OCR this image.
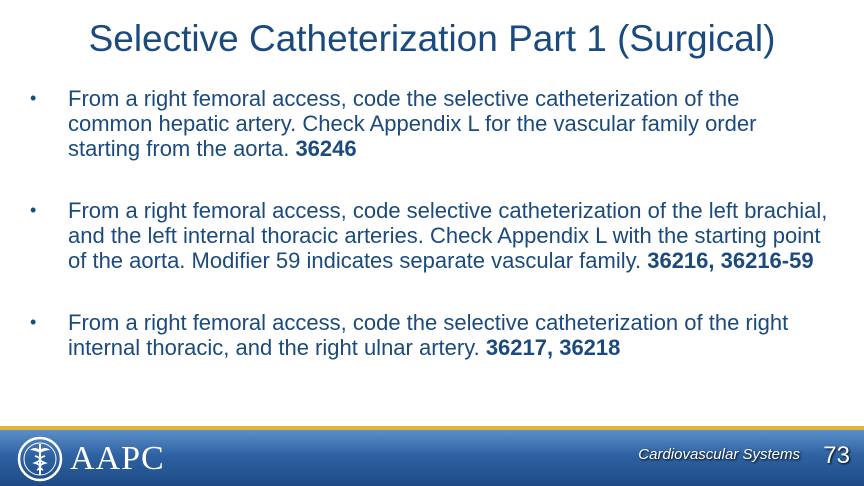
Selective Catheterization Part 1 (Surgical)
• From a right femoral access, code the selective catheterization of the common hepatic artery. Check Appendix L for the vascular family order starting from the aorta. 36246
• From a right femoral access, code selective catheterization of the left brachial, and the left internal thoracic arteries. Check Appendix L with the starting point of the aorta. Modifier 59 indicates separate vascular family. 36216, 36216-59
• From a right femoral access, code the selective catheterization of the right internal thoracic, and the right ulnar artery. 36217, 36218
AAPC	Cardiovascular Systems 73
